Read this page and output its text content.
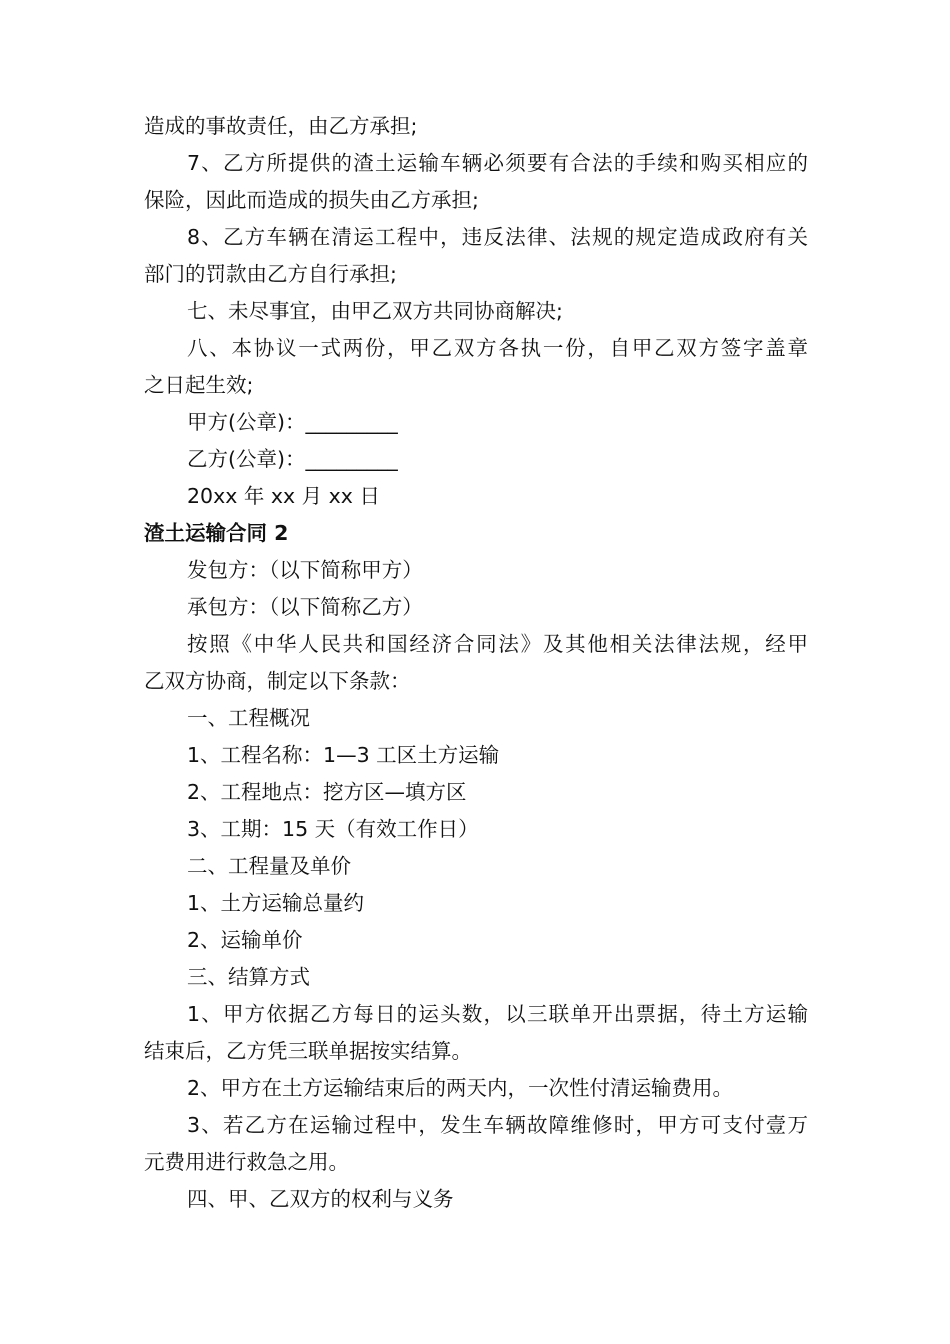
造成的事故责任，由乙方承担;
7、乙方所提供的渣土运输车辆必须要有合法的手续和购买相应的
保险，因此而造成的损失由乙方承担;
8、乙方车辆在清运工程中，违反法律、法规的规定造成政府有关
部门的罚款由乙方自行承担;
七、未尽事宜，由甲乙双方共同协商解决;
八、本协议一式两份，甲乙双方各执一份，自甲乙双方签字盖章
之日起生效;
甲方(公章)：_________
乙方(公章)：_________
20xx 年 xx 月 xx 日
渣土运输合同 2
发包方：（以下简称甲方）
承包方：（以下简称乙方）
按照《中华人民共和国经济合同法》及其他相关法律法规，经甲
乙双方协商，制定以下条款：
一、工程概况
1、工程名称：1—3 工区土方运输
2、工程地点：挖方区—填方区
3、工期：15 天（有效工作日）
二、工程量及单价
1、土方运输总量约
2、运输单价
三、结算方式
1、甲方依据乙方每日的运头数，以三联单开出票据，待土方运输
结束后，乙方凭三联单据按实结算。
2、甲方在土方运输结束后的两天内，一次性付清运输费用。
3、若乙方在运输过程中，发生车辆故障维修时，甲方可支付壹万
元费用进行救急之用。
四、甲、乙双方的权利与义务
